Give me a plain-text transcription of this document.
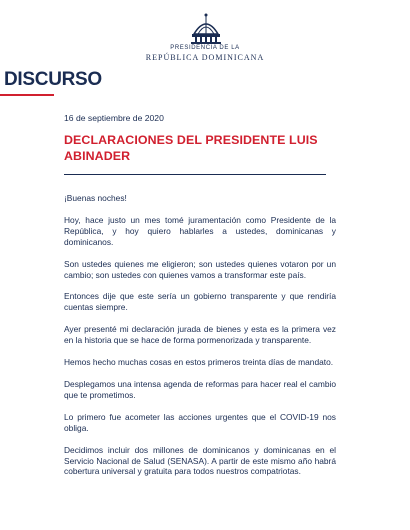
PRESIDENCIA DE LA
REPÚBLICA DOMINICANA
DISCURSO
16 de septiembre de 2020
DECLARACIONES DEL PRESIDENTE LUIS ABINADER

¡Buenas noches!

Hoy, hace justo un mes tomé juramentación como Presidente de la República, y hoy quiero hablarles a ustedes, dominicanas y dominicanos.

Son ustedes quienes me eligieron; son ustedes quienes votaron por un cambio; son ustedes con quienes vamos a transformar este país.

Entonces dije que este sería un gobierno transparente y que rendiría cuentas siempre.

Ayer presenté mi declaración jurada de bienes y esta es la primera vez en la historia que se hace de forma pormenorizada y transparente.

Hemos hecho muchas cosas en estos primeros treinta días de mandato.

Desplegamos una intensa agenda de reformas para hacer real el cambio que te prometimos.

Lo primero fue acometer las acciones urgentes que el COVID-19 nos obliga.

Decidimos incluir dos millones de dominicanos y dominicanas en el Servicio Nacional de Salud (SENASA). A partir de este mismo año habrá cobertura universal y gratuita para todos nuestros compatriotas.
